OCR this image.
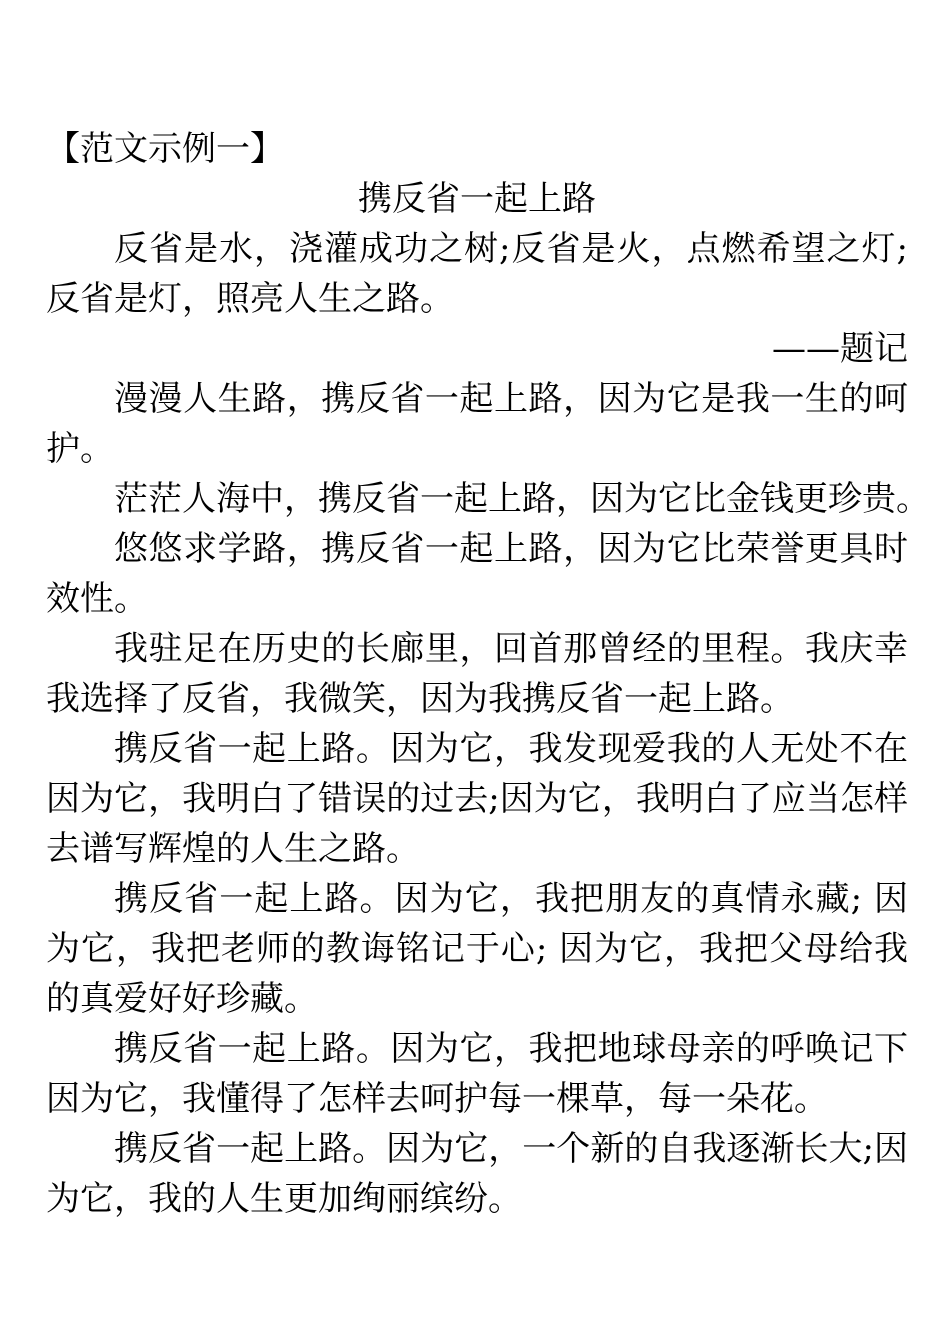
【范文示例一】

携反省一起上路

反省是水，浇灌成功之树;反省是火，点燃希望之灯;反省是灯，照亮人生之路。

——题记

漫漫人生路，携反省一起上路，因为它是我一生的呵护。

茫茫人海中，携反省一起上路，因为它比金钱更珍贵。

悠悠求学路，携反省一起上路，因为它比荣誉更具时效性。

我驻足在历史的长廊里，回首那曾经的里程。我庆幸我选择了反省，我微笑，因为我携反省一起上路。

携反省一起上路。因为它，我发现爱我的人无处不在因为它，我明白了错误的过去;因为它，我明白了应当怎样去谱写辉煌的人生之路。

携反省一起上路。因为它，我把朋友的真情永藏; 因为它，我把老师的教诲铭记于心; 因为它，我把父母给我的真爱好好珍藏。

携反省一起上路。因为它，我把地球母亲的呼唤记下因为它，我懂得了怎样去呵护每一棵草，每一朵花。

携反省一起上路。因为它，一个新的自我逐渐长大;因为它，我的人生更加绚丽缤纷。
